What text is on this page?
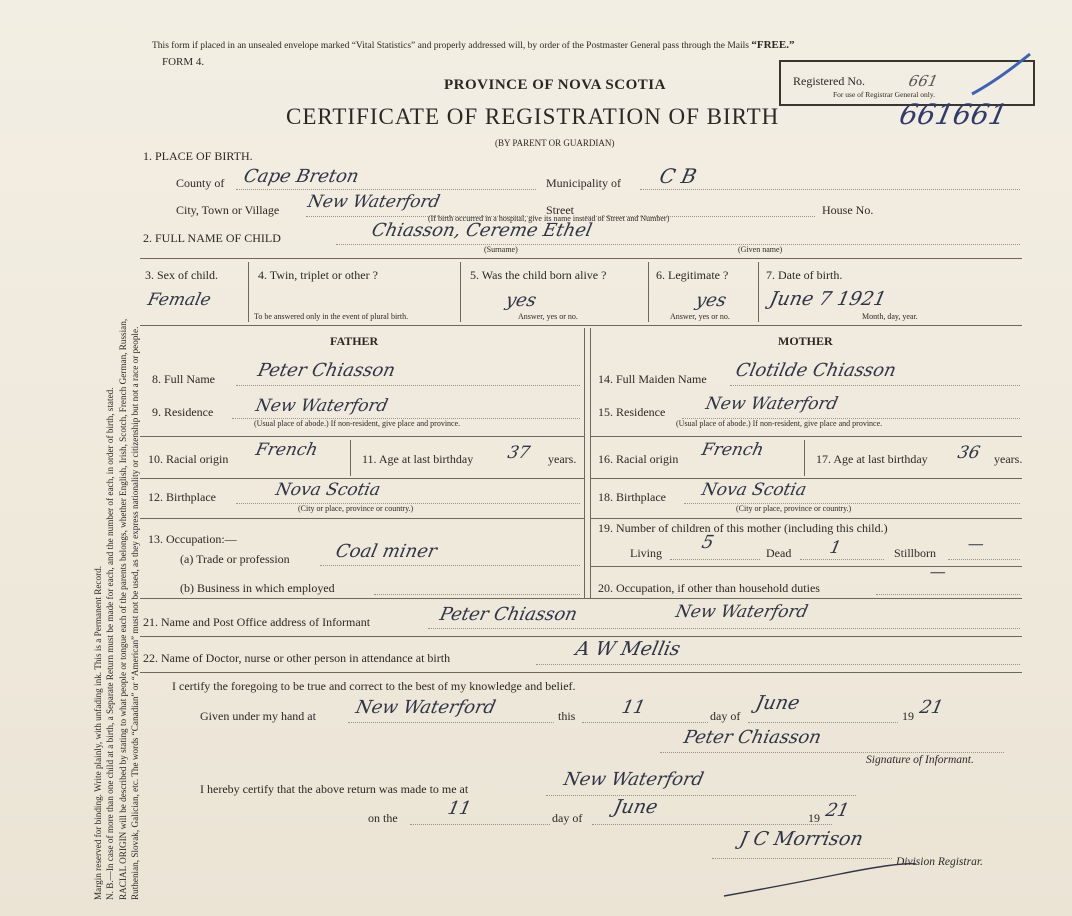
Margin reserved for binding. Write plainly, with unfading ink. This is a Permanent Record. N. B.—In case of more than one child at a birth, a Separate Return must be made for each, and the number of each, in order of birth, stated. RACIAL ORIGIN will be described by stating to what people or tongue each of the parents belongs, whether English, Irish, Scotch, French German, Russian, Ruthenian, Slovak, Galician, etc. The words “Canadian” or “American” must not be used, as they express nationality or citizenship but not a race or people.
This form if placed in an unsealed envelope marked “Vital Statistics” and properly addressed will, by order of the Postmaster General pass through the Mails “FREE.”
FORM 4.
PROVINCE OF NOVA SCOTIA
CERTIFICATE OF REGISTRATION OF BIRTH
(BY PARENT OR GUARDIAN)
Registered No.	661
For use of Registrar General only.
661661
1. PLACE OF BIRTH.
County of Cape Breton	Municipality of C B
City, Town or Village New Waterford	Street	House No.
(If birth occurred in a hospital, give its name instead of Street and Number)
2. FULL NAME OF CHILD	Chiasson, Cereme Ethel
(Surname)	(Given name)
3. Sex of child.
Female
4. Twin, triplet or other ?
To be answered only in the event of plural birth.
5. Was the child born alive ?
yes
Answer, yes or no.
6. Legitimate ?
yes
Answer, yes or no.
7. Date of birth.
June 7 1921
Month, day, year.
FATHER	MOTHER
8. Full Name Peter Chiasson
9. Residence New Waterford
(Usual place of abode.) If non-resident, give place and province.
10. Racial origin French	11. Age at last birthday 37 years.
12. Birthplace	Nova Scotia
(City or place, province or country.)
13. Occupation:—
(a) Trade or profession Coal miner
(b) Business in which employed
14. Full Maiden Name Clotilde Chiasson
15. Residence New Waterford
(Usual place of abode.) If non-resident, give place and province.
16. Racial origin French	17. Age at last birthday 36 years.
18. Birthplace Nova Scotia
(City or place, province or country.)
19. Number of children of this mother (including this child.)
Living 5	Dead 1	Stillborn —
20. Occupation, if other than household duties
—
21. Name and Post Office address of Informant	Peter Chiasson	New Waterford
22. Name of Doctor, nurse or other person in attendance at birth	A W Mellis
I certify the foregoing to be true and correct to the best of my knowledge and belief.
Given under my hand at New Waterford	this 11	day of
June
19 21
Peter Chiasson
Signature of Informant.
I hereby certify that the above return was made to me at	New Waterford
on the	11	day of June	19 21
J C Morrison
Division Registrar.
